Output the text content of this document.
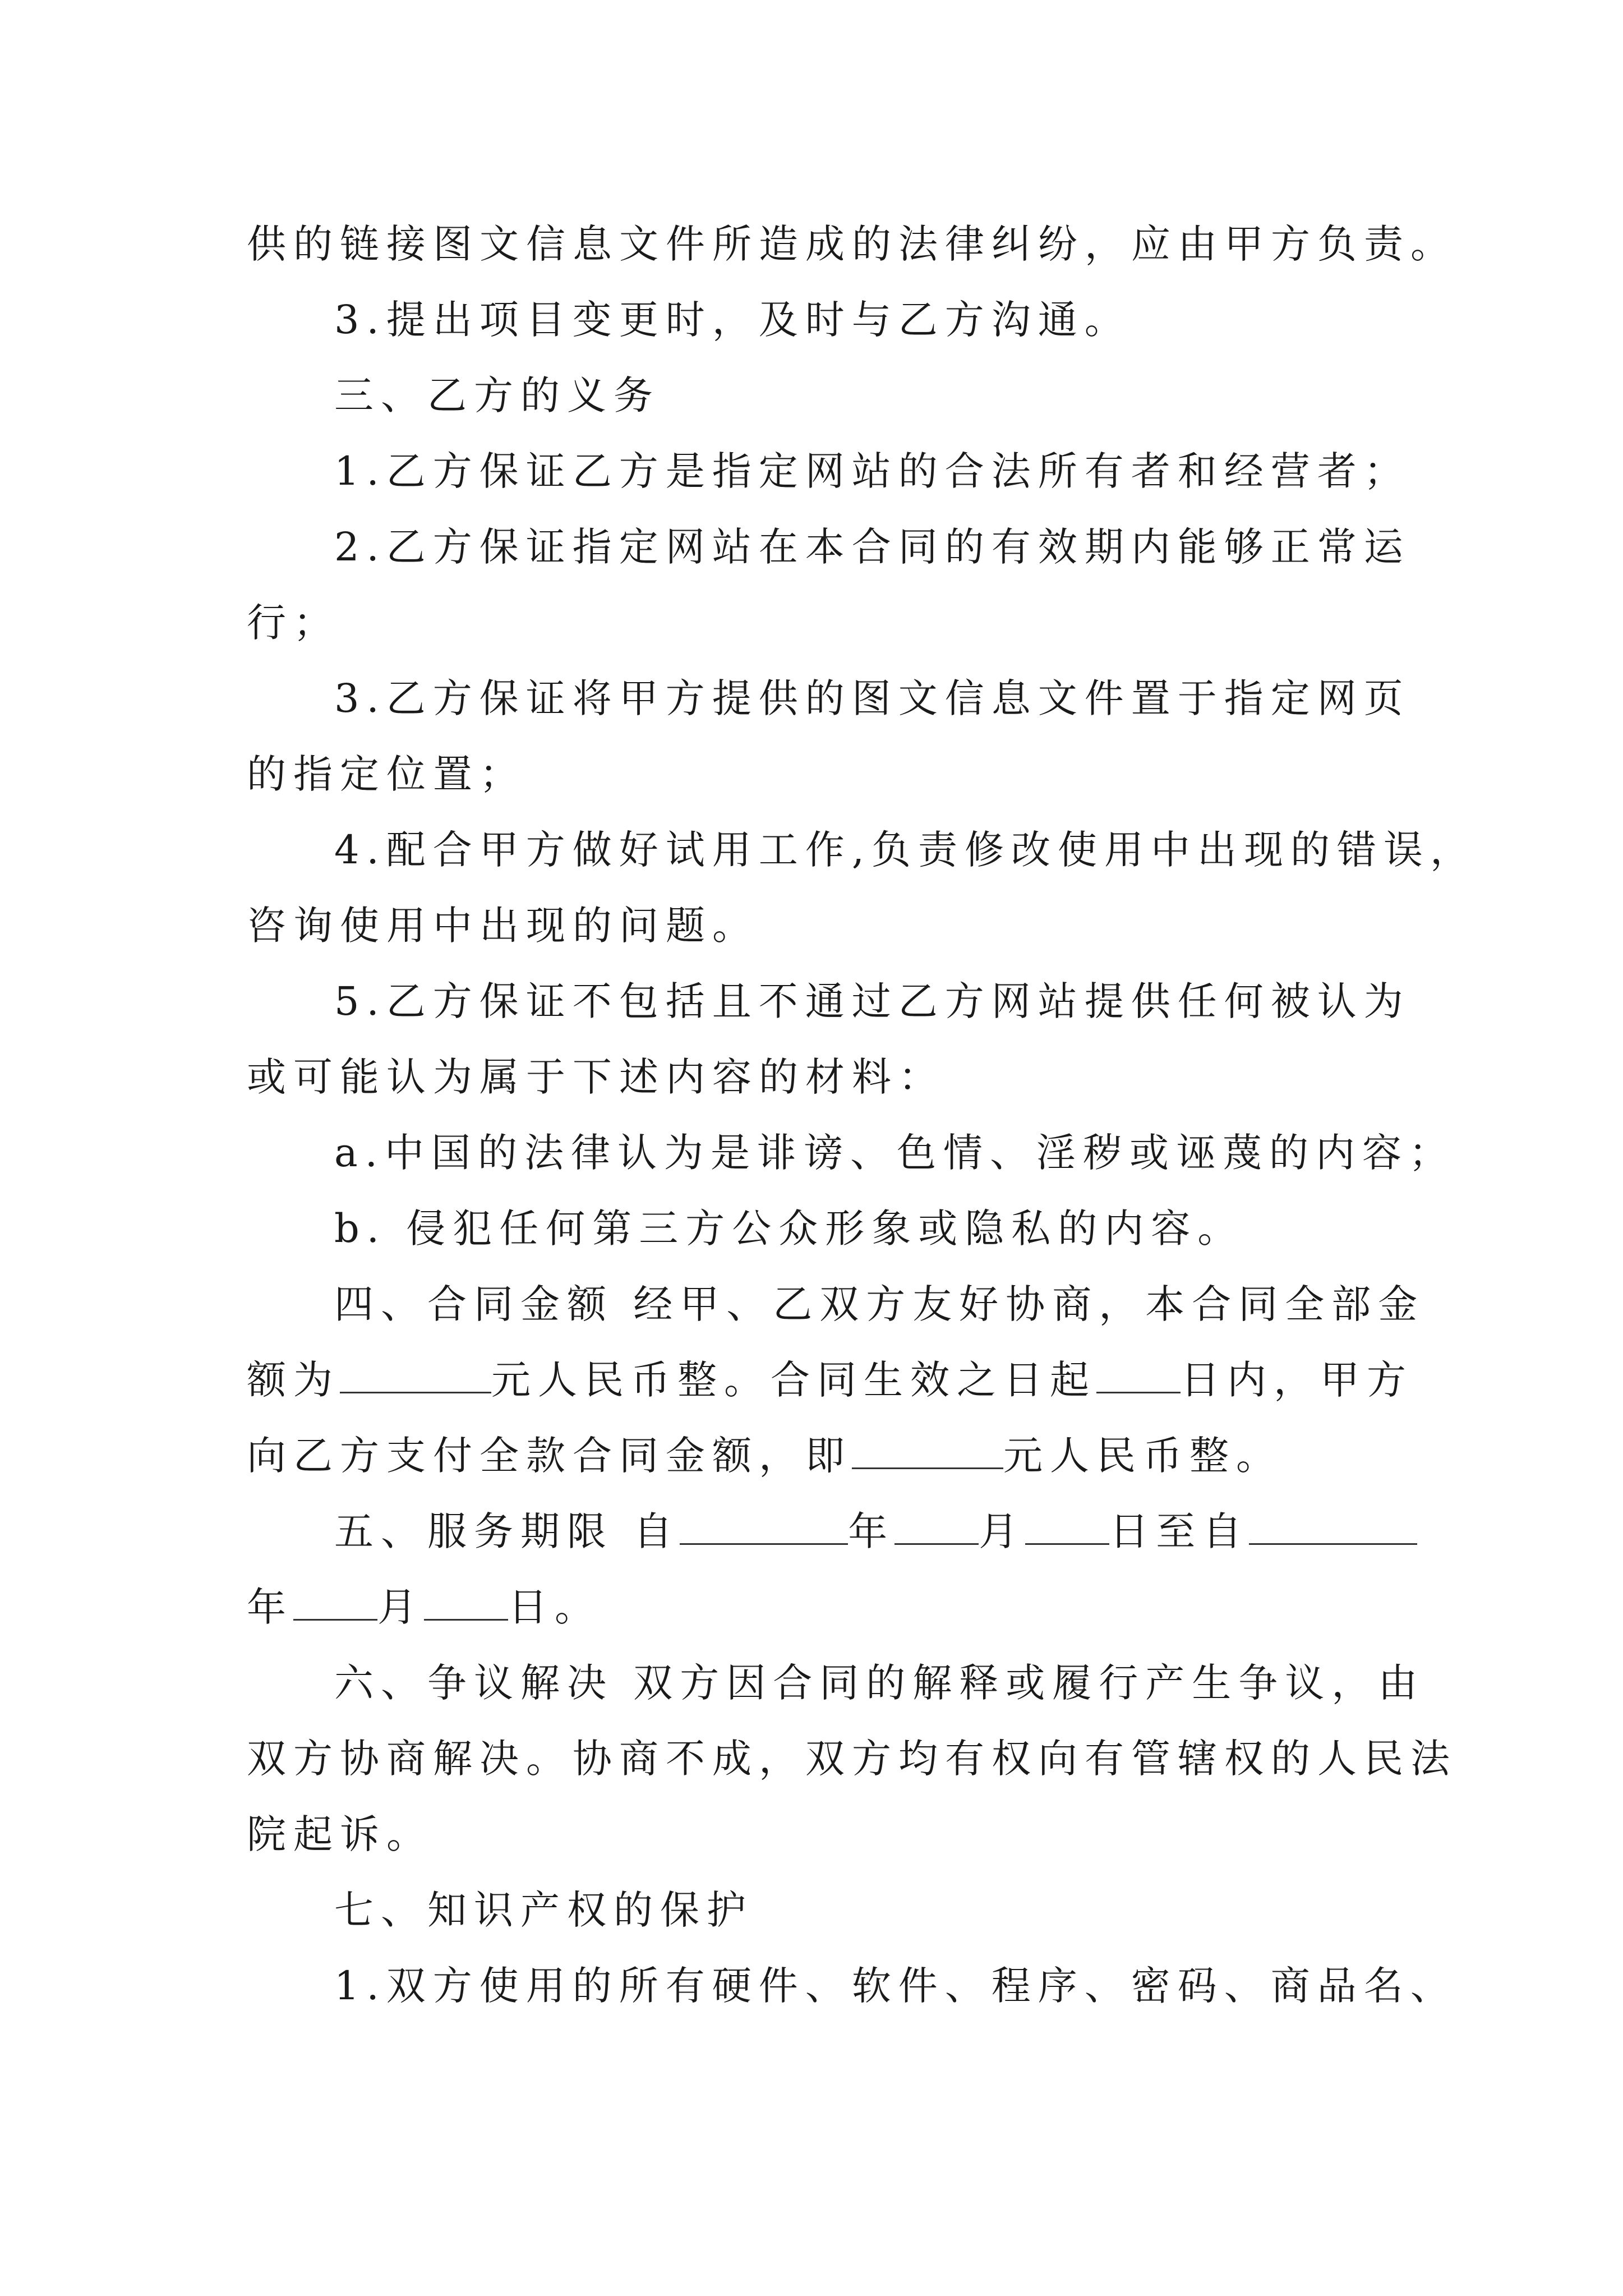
供的链接图文信息文件所造成的法律纠纷，应由甲方负责。
3.提出项目变更时，及时与乙方沟通。
三、乙方的义务
1.乙方保证乙方是指定网站的合法所有者和经营者；
2.乙方保证指定网站在本合同的有效期内能够正常运
行；
3.乙方保证将甲方提供的图文信息文件置于指定网页
的指定位置；
4.配合甲方做好试用工作,负责修改使用中出现的错误，
咨询使用中出现的问题。
5.乙方保证不包括且不通过乙方网站提供任何被认为
或可能认为属于下述内容的材料：
a.中国的法律认为是诽谤、色情、淫秽或诬蔑的内容；
b. 侵犯任何第三方公众形象或隐私的内容。
四、合同金额 经甲、乙双方友好协商，本合同全部金
额为	元人民币整。合同生效之日起 日内，甲方
向乙方支付全款合同金额，即	元人民币整。
五、服务期限 自	年 月 日至自
年 月 日。
六、争议解决 双方因合同的解释或履行产生争议，由
双方协商解决。协商不成，双方均有权向有管辖权的人民法
院起诉。
七、知识产权的保护
1.双方使用的所有硬件、软件、程序、密码、商品名、
